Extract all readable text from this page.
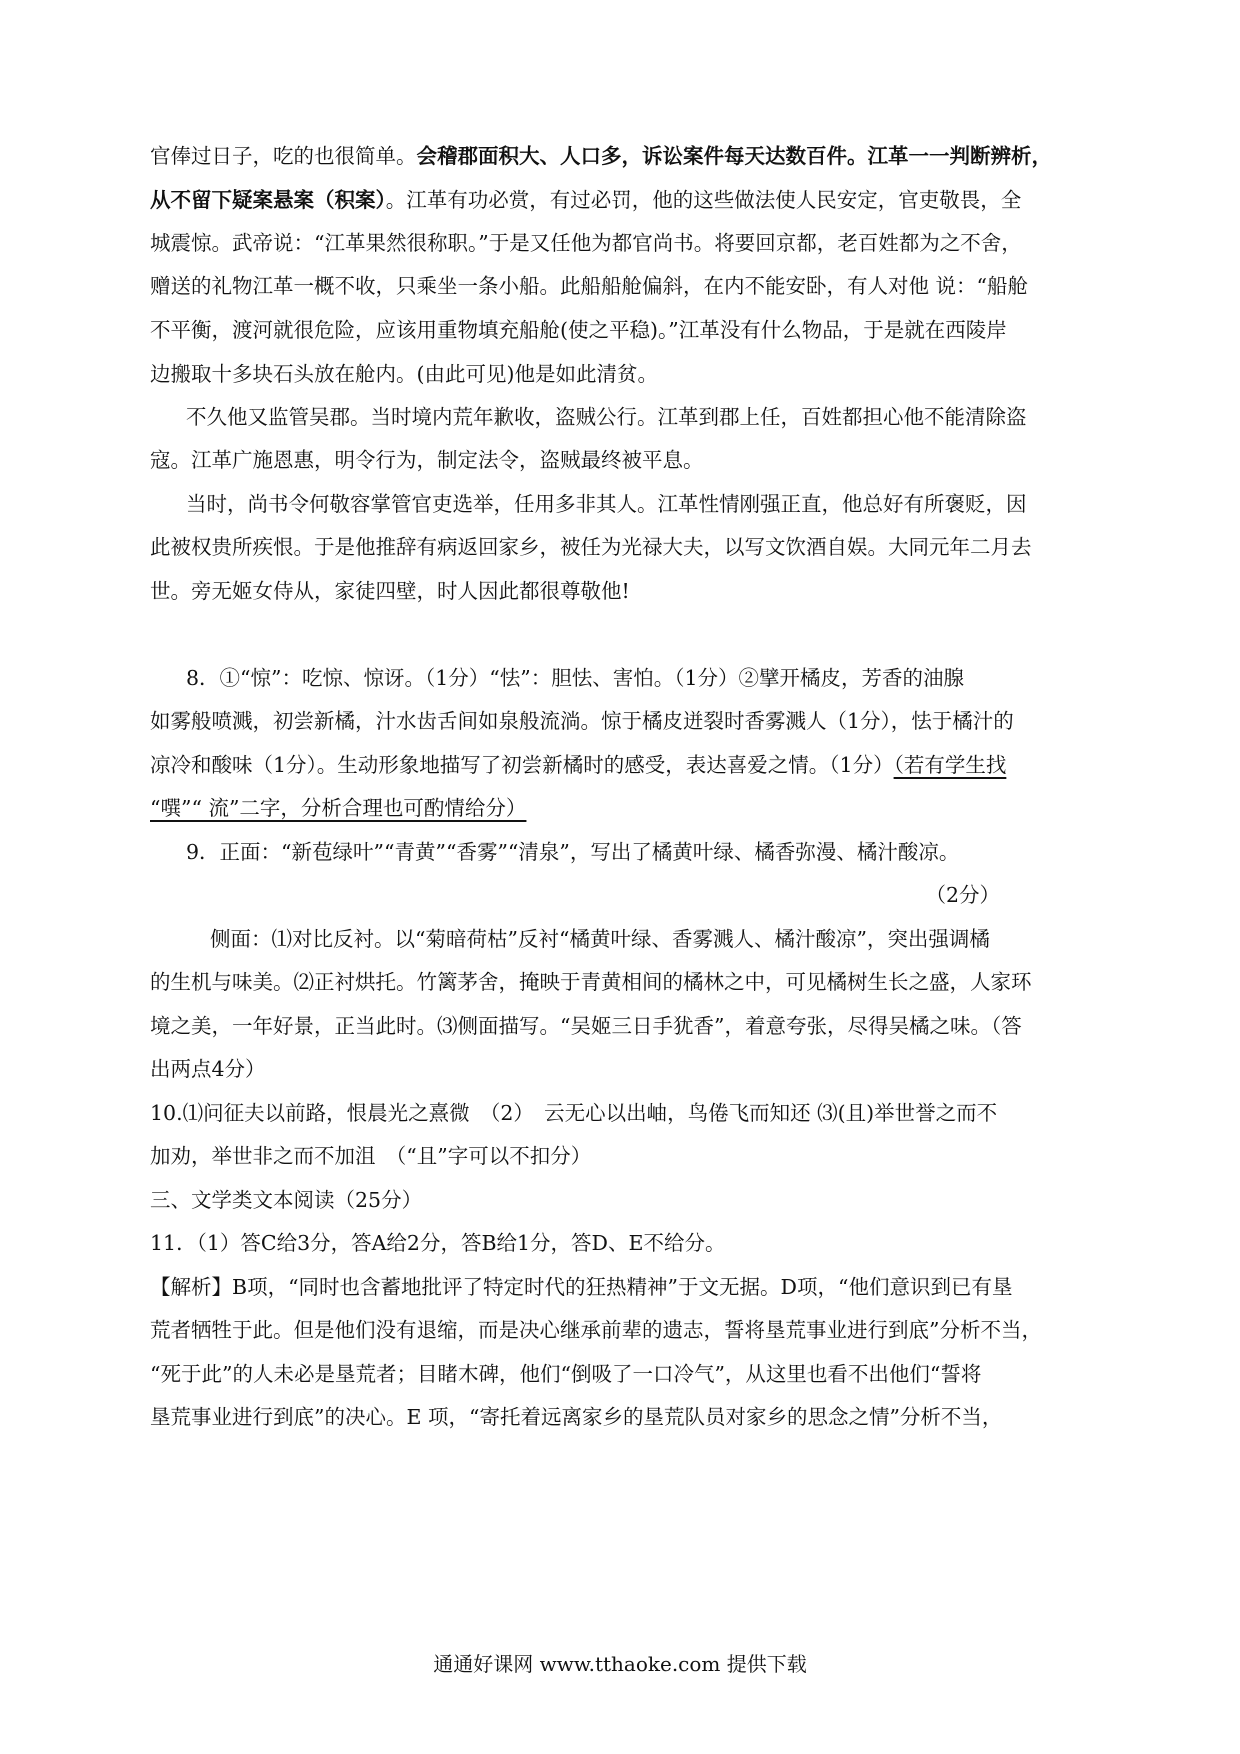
官俸过日子，吃的也很简单。会稽郡面积大、人口多，诉讼案件每天达数百件。江革一一判断辨析，
从不留下疑案悬案（积案）。江革有功必赏，有过必罚，他的这些做法使人民安定，官吏敬畏，全
城震惊。武帝说：“江革果然很称职。”于是又任他为都官尚书。将要回京都，老百姓都为之不舍，
赠送的礼物江革一概不收，只乘坐一条小船。此船船舱偏斜，在内不能安卧，有人对他 说：“船舱
不平衡，渡河就很危险，应该用重物填充船舱(使之平稳)。”江革没有什么物品，于是就在西陵岸
边搬取十多块石头放在舱内。(由此可见)他是如此清贫。
不久他又监管吴郡。当时境内荒年歉收，盗贼公行。江革到郡上任，百姓都担心他不能清除盗
寇。江革广施恩惠，明令行为，制定法令，盗贼最终被平息。
当时，尚书令何敬容掌管官吏选举，任用多非其人。江革性情刚强正直，他总好有所褒贬，因
此被权贵所疾恨。于是他推辞有病返回家乡，被任为光禄大夫，以写文饮酒自娱。大同元年二月去
世。旁无姬女侍从，家徒四壁，时人因此都很尊敬他!
8．①“惊”：吃惊、惊讶。（1分）“怯”：胆怯、害怕。（1分）②擘开橘皮，芳香的油腺
如雾般喷溅，初尝新橘，汁水齿舌间如泉般流淌。惊于橘皮迸裂时香雾溅人（1分），怯于橘汁的
凉冷和酸味（1分）。生动形象地描写了初尝新橘时的感受，表达喜爱之情。（1分）（若有学生找
“噀”“ 流”二字，分析合理也可酌情给分）
9．正面：“新苞绿叶”“青黄”“香雾”“清泉”，写出了橘黄叶绿、橘香弥漫、橘汁酸凉。
（2分）
侧面：⑴对比反衬。以“菊暗荷枯”反衬“橘黄叶绿、香雾溅人、橘汁酸凉”，突出强调橘
的生机与味美。⑵正衬烘托。竹篱茅舍，掩映于青黄相间的橘林之中，可见橘树生长之盛，人家环
境之美，一年好景，正当此时。⑶侧面描写。“吴姬三日手犹香”，着意夸张，尽得吴橘之味。（答
出两点4分）
10.⑴问征夫以前路，恨晨光之熹微　（2）　云无心以出岫，鸟倦飞而知还 ⑶(且)举世誉之而不
加劝，举世非之而不加沮　（“且”字可以不扣分）
三、文学类文本阅读（25分）
11．（1）答C给3分，答A给2分，答B给1分，答D、E不给分。
【解析】B项，“同时也含蓄地批评了特定时代的狂热精神”于文无据。D项，“他们意识到已有垦
荒者牺牲于此。但是他们没有退缩，而是决心继承前辈的遗志，誓将垦荒事业进行到底”分析不当，
“死于此”的人未必是垦荒者；目睹木碑，他们“倒吸了一口冷气”，从这里也看不出他们“誓将
垦荒事业进行到底”的决心。E 项，“寄托着远离家乡的垦荒队员对家乡的思念之情”分析不当，
通通好课网 www.tthaoke.com 提供下载
